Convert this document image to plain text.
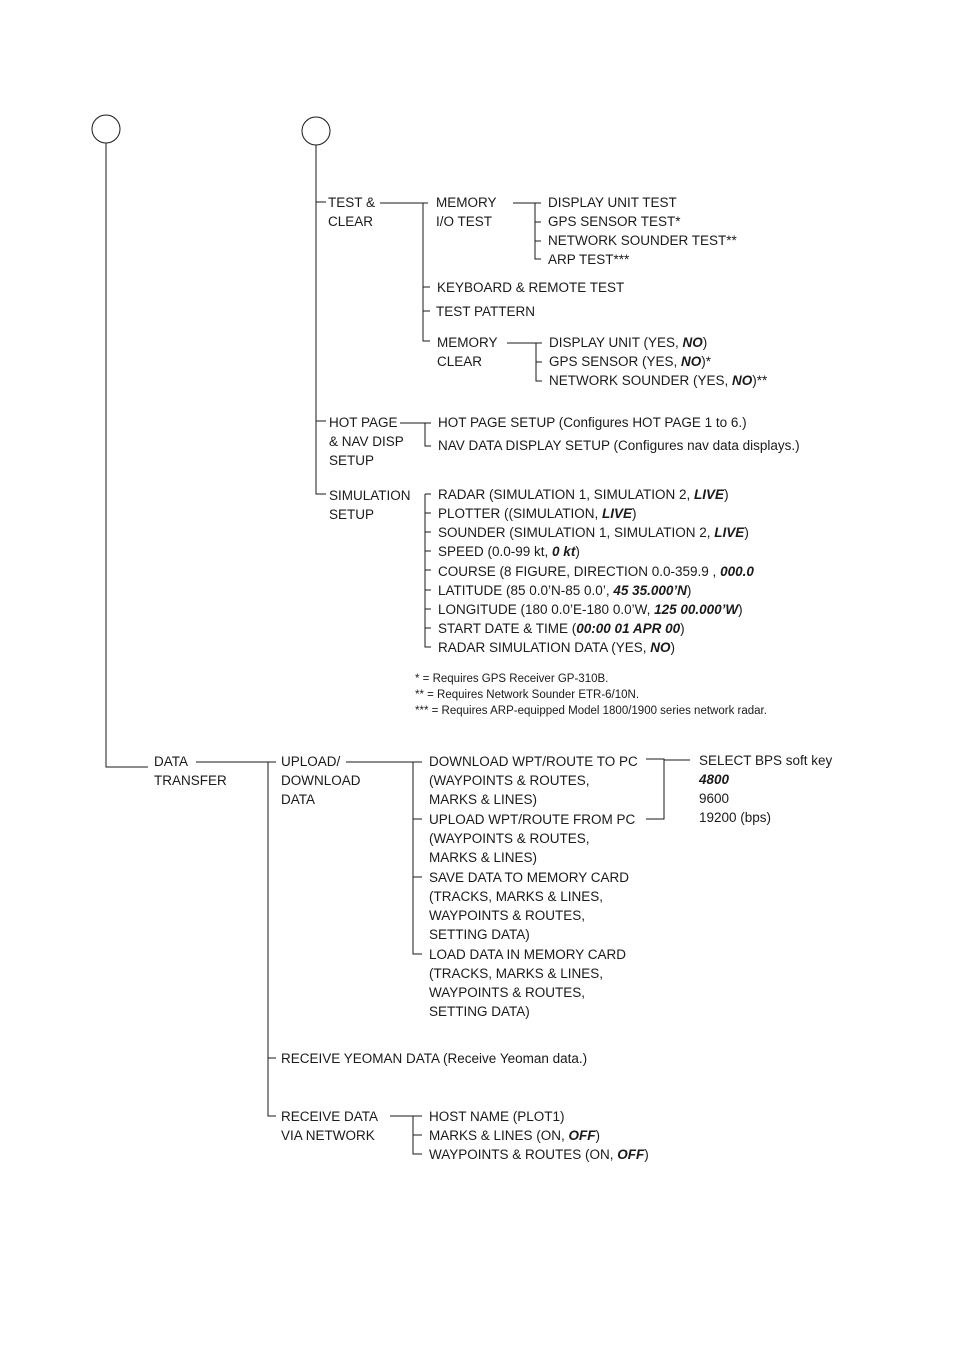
TEST &
CLEAR
MEMORY
I/O TEST
DISPLAY UNIT TEST
GPS SENSOR TEST*
NETWORK SOUNDER TEST**
ARP TEST***
KEYBOARD & REMOTE TEST
TEST PATTERN
MEMORY
CLEAR
DISPLAY UNIT (YES, NO)
GPS SENSOR (YES, NO)*
NETWORK SOUNDER (YES, NO)**
HOT PAGE
& NAV DISP
SETUP
HOT PAGE SETUP (Configures HOT PAGE 1 to 6.)
NAV DATA DISPLAY SETUP (Configures nav data displays.)
SIMULATION
SETUP
RADAR (SIMULATION 1, SIMULATION 2, LIVE)
PLOTTER ((SIMULATION, LIVE)
SOUNDER (SIMULATION 1, SIMULATION 2, LIVE)
SPEED (0.0-99 kt, 0 kt)
COURSE (8 FIGURE, DIRECTION 0.0-359.9 , 000.0
LATITUDE (85 0.0’N-85 0.0’, 45 35.000’N)
LONGITUDE (180 0.0’E-180 0.0’W, 125 00.000’W)
START DATE & TIME (00:00 01 APR 00)
RADAR SIMULATION DATA (YES, NO)
* = Requires GPS Receiver GP-310B.
** = Requires Network Sounder ETR-6/10N.
*** = Requires ARP-equipped Model 1800/1900 series network radar.
DATA
TRANSFER
UPLOAD/
DOWNLOAD
DATA
DOWNLOAD WPT/ROUTE TO PC
(WAYPOINTS & ROUTES,
MARKS & LINES)
UPLOAD WPT/ROUTE FROM PC
(WAYPOINTS & ROUTES,
MARKS & LINES)
SAVE DATA TO MEMORY CARD
(TRACKS, MARKS & LINES,
WAYPOINTS & ROUTES,
SETTING DATA)
LOAD DATA IN MEMORY CARD
(TRACKS, MARKS & LINES,
WAYPOINTS & ROUTES,
SETTING DATA)
SELECT BPS soft key
4800
9600
19200 (bps)
RECEIVE YEOMAN DATA (Receive Yeoman data.)
RECEIVE DATA
VIA NETWORK
HOST NAME (PLOT1)
MARKS & LINES (ON, OFF)
WAYPOINTS & ROUTES (ON, OFF)
